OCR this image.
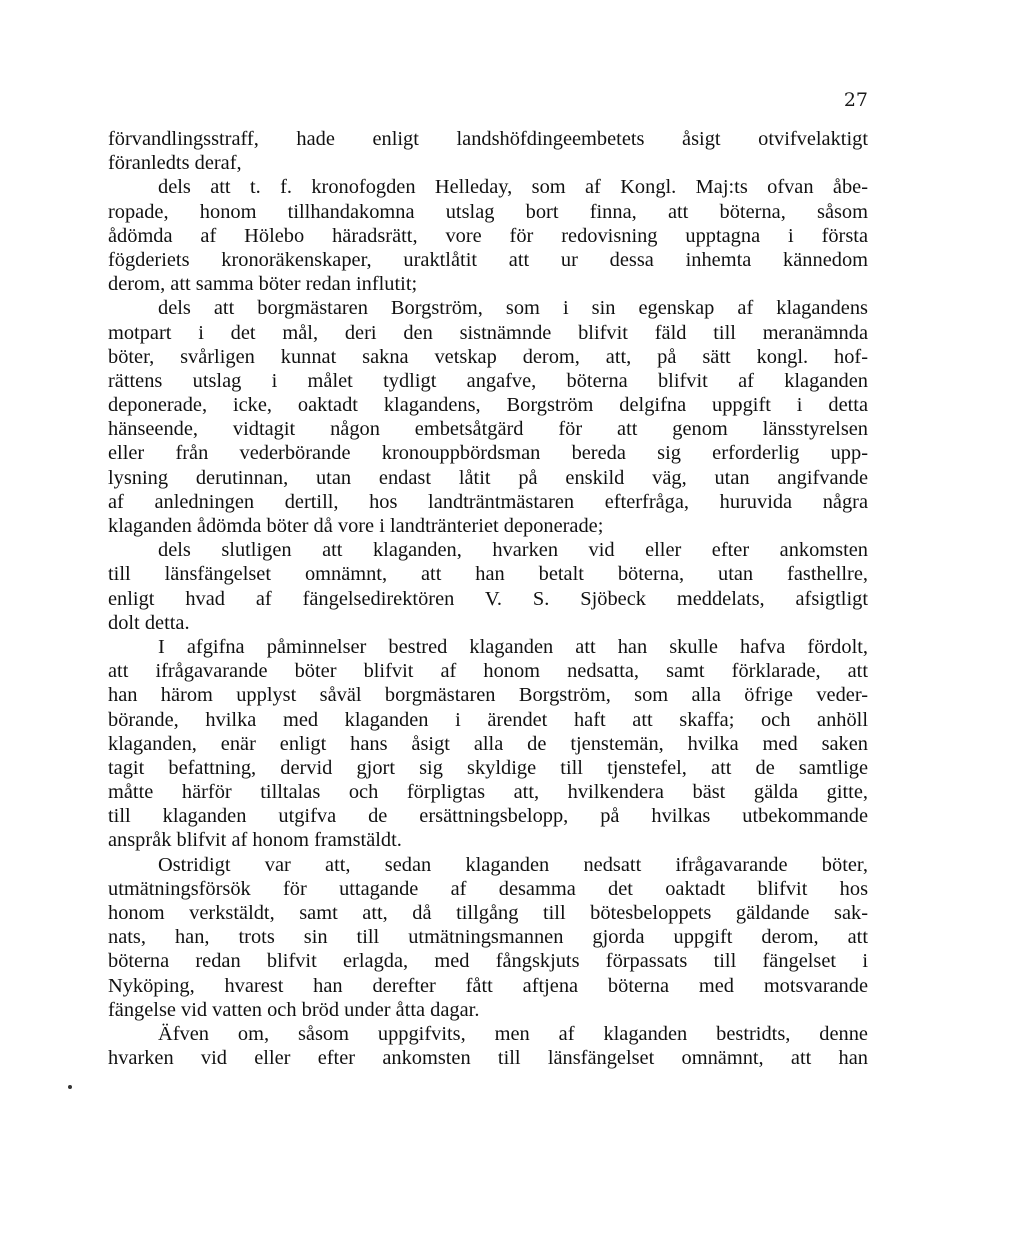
27
förvandlingsstraff, hade enligt landshöfdingeembetets åsigt otvifvelaktigt
föranledts deraf,
dels att t. f. kronofogden Helleday, som af Kongl. Maj:ts ofvan åbe-
ropade, honom tillhandakomna utslag bort finna, att böterna, såsom
ådömda af Hölebo häradsrätt, vore för redovisning upptagna i första
fögderiets kronoräkenskaper, uraktlåtit att ur dessa inhemta kännedom
derom, att samma böter redan influtit;
dels att borgmästaren Borgström, som i sin egenskap af klagandens
motpart i det mål, deri den sistnämnde blifvit fäld till meranämnda
böter, svårligen kunnat sakna vetskap derom, att, på sätt kongl. hof-
rättens utslag i målet tydligt angafve, böterna blifvit af klaganden
deponerade, icke, oaktadt klagandens, Borgström delgifna uppgift i detta
hänseende, vidtagit någon embetsåtgärd för att genom länsstyrelsen
eller från vederbörande kronouppbördsman bereda sig erforderlig upp-
lysning derutinnan, utan endast låtit på enskild väg, utan angifvande
af anledningen dertill, hos landträntmästaren efterfråga, huruvida några
klaganden ådömda böter då vore i landtränteriet deponerade;
dels slutligen att klaganden, hvarken vid eller efter ankomsten
till länsfängelset omnämnt, att han betalt böterna, utan fasthellre,
enligt hvad af fängelsedirektören V. S. Sjöbeck meddelats, afsigtligt
dolt detta.
I afgifna påminnelser bestred klaganden att han skulle hafva fördolt,
att ifrågavarande böter blifvit af honom nedsatta, samt förklarade, att
han härom upplyst såväl borgmästaren Borgström, som alla öfrige veder-
börande, hvilka med klaganden i ärendet haft att skaffa; och anhöll
klaganden, enär enligt hans åsigt alla de tjenstemän, hvilka med saken
tagit befattning, dervid gjort sig skyldige till tjenstefel, att de samtlige
måtte härför tilltalas och förpligtas att, hvilkendera bäst gälda gitte,
till klaganden utgifva de ersättningsbelopp, på hvilkas utbekommande
anspråk blifvit af honom framstäldt.
Ostridigt var att, sedan klaganden nedsatt ifrågavarande böter,
utmätningsförsök för uttagande af desamma det oaktadt blifvit hos
honom verkstäldt, samt att, då tillgång till bötesbeloppets gäldande sak-
nats, han, trots sin till utmätningsmannen gjorda uppgift derom, att
böterna redan blifvit erlagda, med fångskjuts förpassats till fängelset i
Nyköping, hvarest han derefter fått aftjena böterna med motsvarande
fängelse vid vatten och bröd under åtta dagar.
Äfven om, såsom uppgifvits, men af klaganden bestridts, denne
hvarken vid eller efter ankomsten till länsfängelset omnämnt, att han
